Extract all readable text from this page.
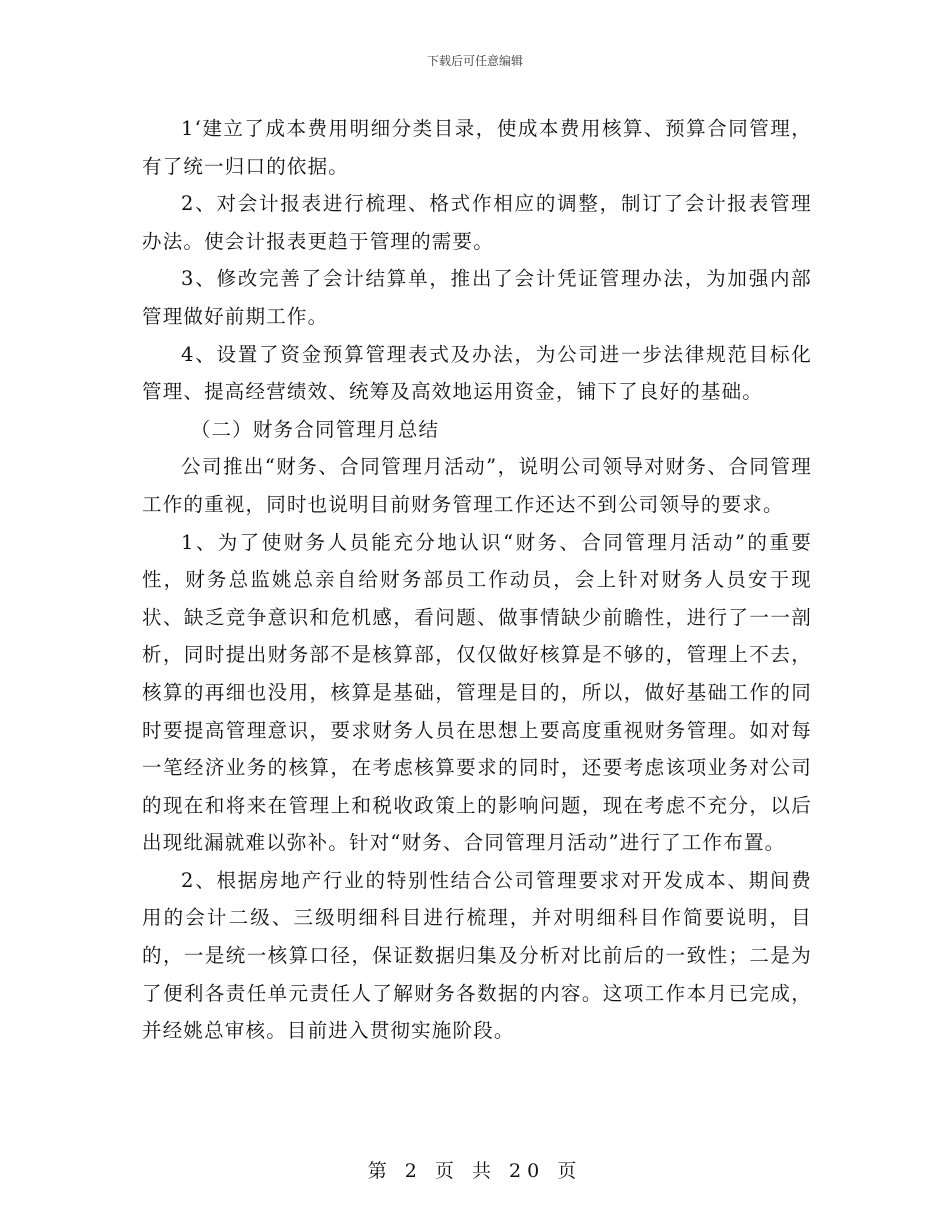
下载后可任意编辑

1‘建立了成本费用明细分类目录，使成本费用核算、预算合同管理，有了统一归口的依据。

2、对会计报表进行梳理、格式作相应的调整，制订了会计报表管理办法。使会计报表更趋于管理的需要。

3、修改完善了会计结算单，推出了会计凭证管理办法，为加强内部管理做好前期工作。

4、设置了资金预算管理表式及办法，为公司进一步法律规范目标化管理、提高经营绩效、统筹及高效地运用资金，铺下了良好的基础。

（二）财务合同管理月总结

公司推出“财务、合同管理月活动”，说明公司领导对财务、合同管理工作的重视，同时也说明目前财务管理工作还达不到公司领导的要求。

1、为了使财务人员能充分地认识“财务、合同管理月活动”的重要性，财务总监姚总亲自给财务部员工作动员，会上针对财务人员安于现状、缺乏竞争意识和危机感，看问题、做事情缺少前瞻性，进行了一一剖析，同时提出财务部不是核算部，仅仅做好核算是不够的，管理上不去，核算的再细也没用，核算是基础，管理是目的，所以，做好基础工作的同时要提高管理意识，要求财务人员在思想上要高度重视财务管理。如对每一笔经济业务的核算，在考虑核算要求的同时，还要考虑该项业务对公司的现在和将来在管理上和税收政策上的影响问题，现在考虑不充分，以后出现纰漏就难以弥补。针对“财务、合同管理月活动”进行了工作布置。

2、根据房地产行业的特别性结合公司管理要求对开发成本、期间费用的会计二级、三级明细科目进行梳理，并对明细科目作简要说明，目的，一是统一核算口径，保证数据归集及分析对比前后的一致性；二是为了便利各责任单元责任人了解财务各数据的内容。这项工作本月已完成，并经姚总审核。目前进入贯彻实施阶段。

第 2 页 共 20 页
